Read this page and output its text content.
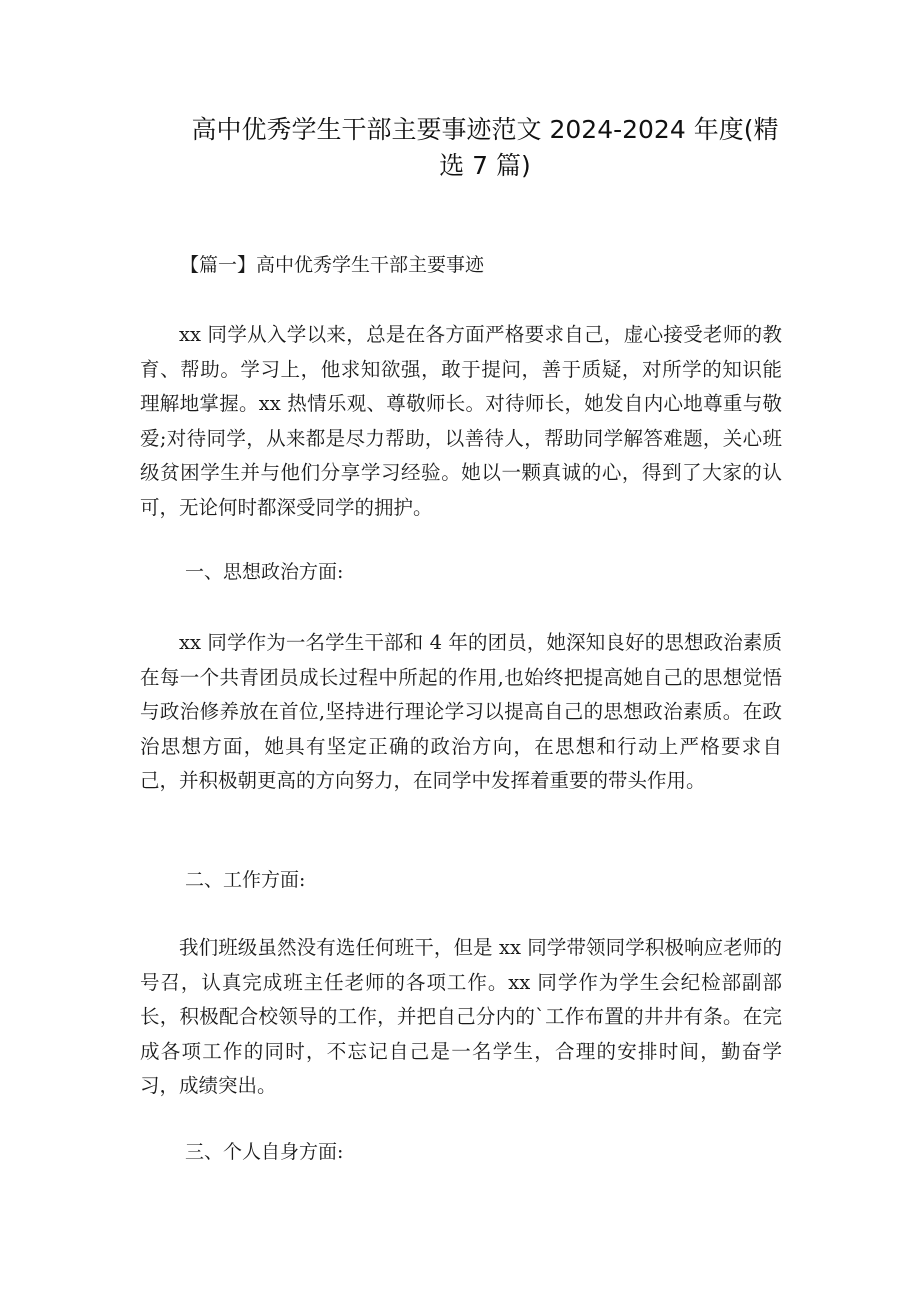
高中优秀学生干部主要事迹范文 2024-2024 年度(精选 7 篇)
【篇一】高中优秀学生干部主要事迹

xx 同学从入学以来，总是在各方面严格要求自己，虚心接受老师的教育、帮助。学习上，他求知欲强，敢于提问，善于质疑，对所学的知识能理解地掌握。xx 热情乐观、尊敬师长。对待师长，她发自内心地尊重与敬爱;对待同学，从来都是尽力帮助，以善待人，帮助同学解答难题，关心班级贫困学生并与他们分享学习经验。她以一颗真诚的心，得到了大家的认可，无论何时都深受同学的拥护。

一、思想政治方面:

xx 同学作为一名学生干部和 4 年的团员，她深知良好的思想政治素质在每一个共青团员成长过程中所起的作用,也始终把提高她自己的思想觉悟与政治修养放在首位,坚持进行理论学习以提高自己的思想政治素质。在政治思想方面，她具有坚定正确的政治方向，在思想和行动上严格要求自己，并积极朝更高的方向努力，在同学中发挥着重要的带头作用。

二、工作方面:

我们班级虽然没有选任何班干，但是 xx 同学带领同学积极响应老师的号召，认真完成班主任老师的各项工作。xx 同学作为学生会纪检部副部长，积极配合校领导的工作，并把自己分内的`工作布置的井井有条。在完成各项工作的同时，不忘记自己是一名学生，合理的安排时间，勤奋学习，成绩突出。

三、个人自身方面:
